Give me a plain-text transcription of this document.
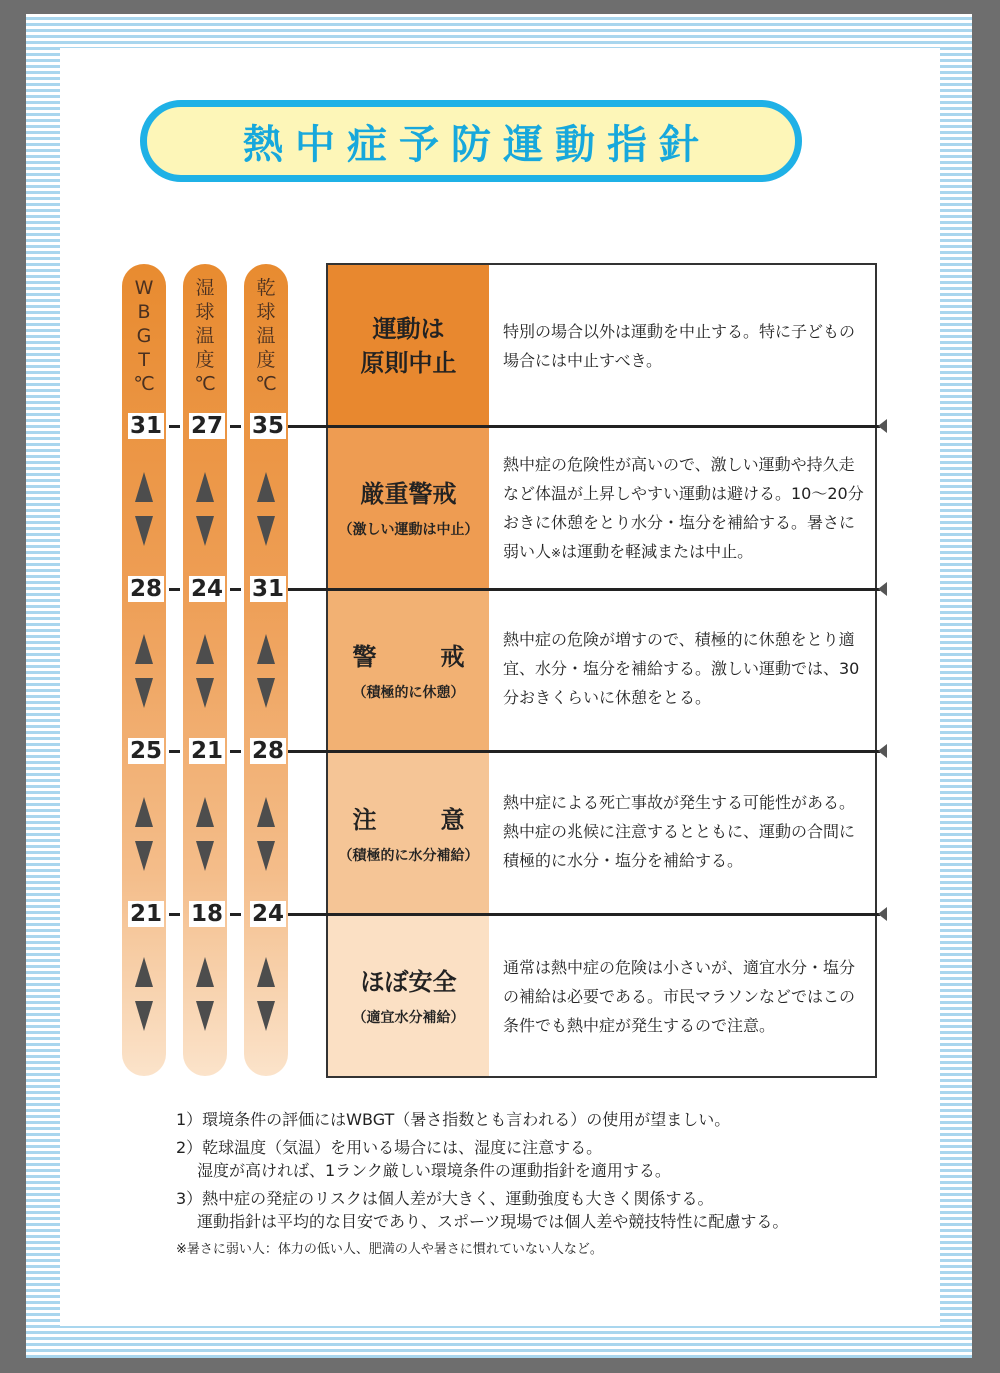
熱中症予防運動指針
W
B
G
T
℃
湿
球
温
度
℃
乾
球
温
度
℃
運動は
原則中止
特別の場合以外は運動を中止する。特に子どもの場合には中止すべき。
厳重警戒
（激しい運動は中止）
熱中症の危険性が高いので、激しい運動や持久走など体温が上昇しやすい運動は避ける。10〜20分おきに休憩をとり水分・塩分を補給する。暑さに弱い人※は運動を軽減または中止。
警　戒
（積極的に休憩）
熱中症の危険が増すので、積極的に休憩をとり適宜、水分・塩分を補給する。激しい運動では、30分おきくらいに休憩をとる。
注　意
（積極的に水分補給）
熱中症による死亡事故が発生する可能性がある。熱中症の兆候に注意するとともに、運動の合間に積極的に水分・塩分を補給する。
ほぼ安全
（適宜水分補給）
通常は熱中症の危険は小さいが、適宜水分・塩分の補給は必要である。市民マラソンなどではこの条件でも熱中症が発生するので注意。
31 27 35
28 24 31
25 21 28
21 18 24
1）環境条件の評価にはWBGT（暑さ指数とも言われる）の使用が望ましい。
2）乾球温度（気温）を用いる場合には、湿度に注意する。
湿度が高ければ、1ランク厳しい環境条件の運動指針を適用する。
3）熱中症の発症のリスクは個人差が大きく、運動強度も大きく関係する。
運動指針は平均的な目安であり、スポーツ現場では個人差や競技特性に配慮する。
※暑さに弱い人：体力の低い人、肥満の人や暑さに慣れていない人など。
